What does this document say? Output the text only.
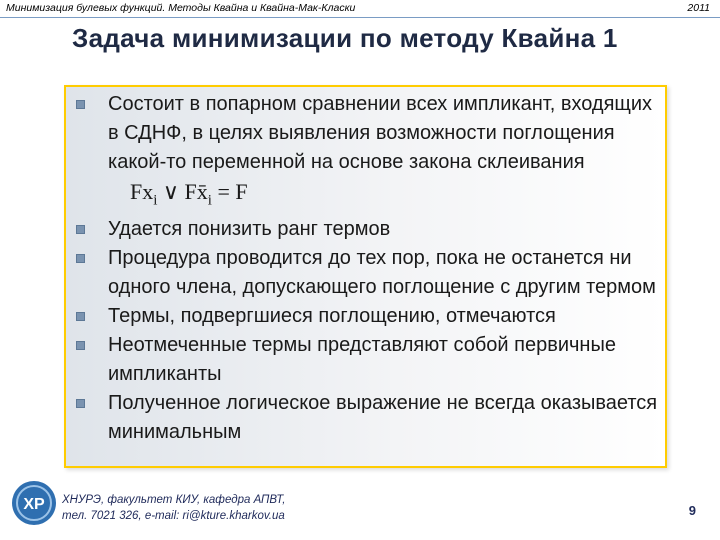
Минимизация булевых функций. Методы Квайна и Квайна-Мак-Класки	2011
Задача минимизации по методу Квайна 1
Состоит в попарном сравнении всех импликант, входящих в СДНФ, в целях выявления возможности поглощения какой-то переменной на основе закона склеивания $Fx_i$ ∨ $Fx̄_i = F$
Удается понизить ранг термов
Процедура проводится до тех пор, пока не останется ни одного члена, допускающего поглощение с другим термом
Термы, подвергшиеся поглощению, отмечаются
Неотмеченные термы представляют собой первичные импликанты
Полученное логическое выражение не всегда оказывается минимальным
ХР ХНУРЭ, факультет КИУ, кафедра АПВТ,
тел. 7021 326, e-mail: ri@kture.kharkov.ua	9
